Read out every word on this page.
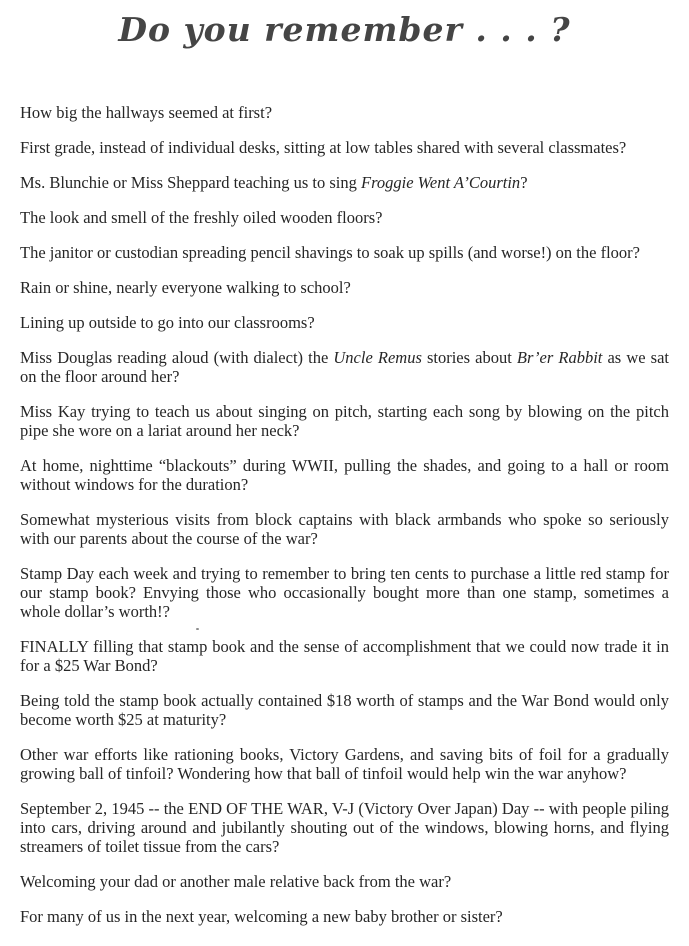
Do you remember . . . ?

How big the hallways seemed at first?

First grade, instead of individual desks, sitting at low tables shared with several classmates?

Ms. Blunchie or Miss Sheppard teaching us to sing Froggie Went A’Courtin?

The look and smell of the freshly oiled wooden floors?

The janitor or custodian spreading pencil shavings to soak up spills (and worse!) on the floor?

Rain or shine, nearly everyone walking to school?

Lining up outside to go into our classrooms?

Miss Douglas reading aloud (with dialect) the Uncle Remus stories about Br’er Rabbit as we sat on the floor around her?

Miss Kay trying to teach us about singing on pitch, starting each song by blowing on the pitch pipe she wore on a lariat around her neck?

At home, nighttime “blackouts” during WWII, pulling the shades, and going to a hall or room without windows for the duration?

Somewhat mysterious visits from block captains with black armbands who spoke so seriously with our parents about the course of the war?

Stamp Day each week and trying to remember to bring ten cents to purchase a little red stamp for our stamp book? Envying those who occasionally bought more than one stamp, sometimes a whole dollar’s worth!?

FINALLY filling that stamp book and the sense of accomplishment that we could now trade it in for a $25 War Bond?

Being told the stamp book actually contained $18 worth of stamps and the War Bond would only become worth $25 at maturity?

Other war efforts like rationing books, Victory Gardens, and saving bits of foil for a gradually growing ball of tinfoil? Wondering how that ball of tinfoil would help win the war anyhow?

September 2, 1945 -- the END OF THE WAR, V-J (Victory Over Japan) Day -- with people piling into cars, driving around and jubilantly shouting out of the windows, blowing horns, and flying streamers of toilet tissue from the cars?

Welcoming your dad or another male relative back from the war?

For many of us in the next year, welcoming a new baby brother or sister?
